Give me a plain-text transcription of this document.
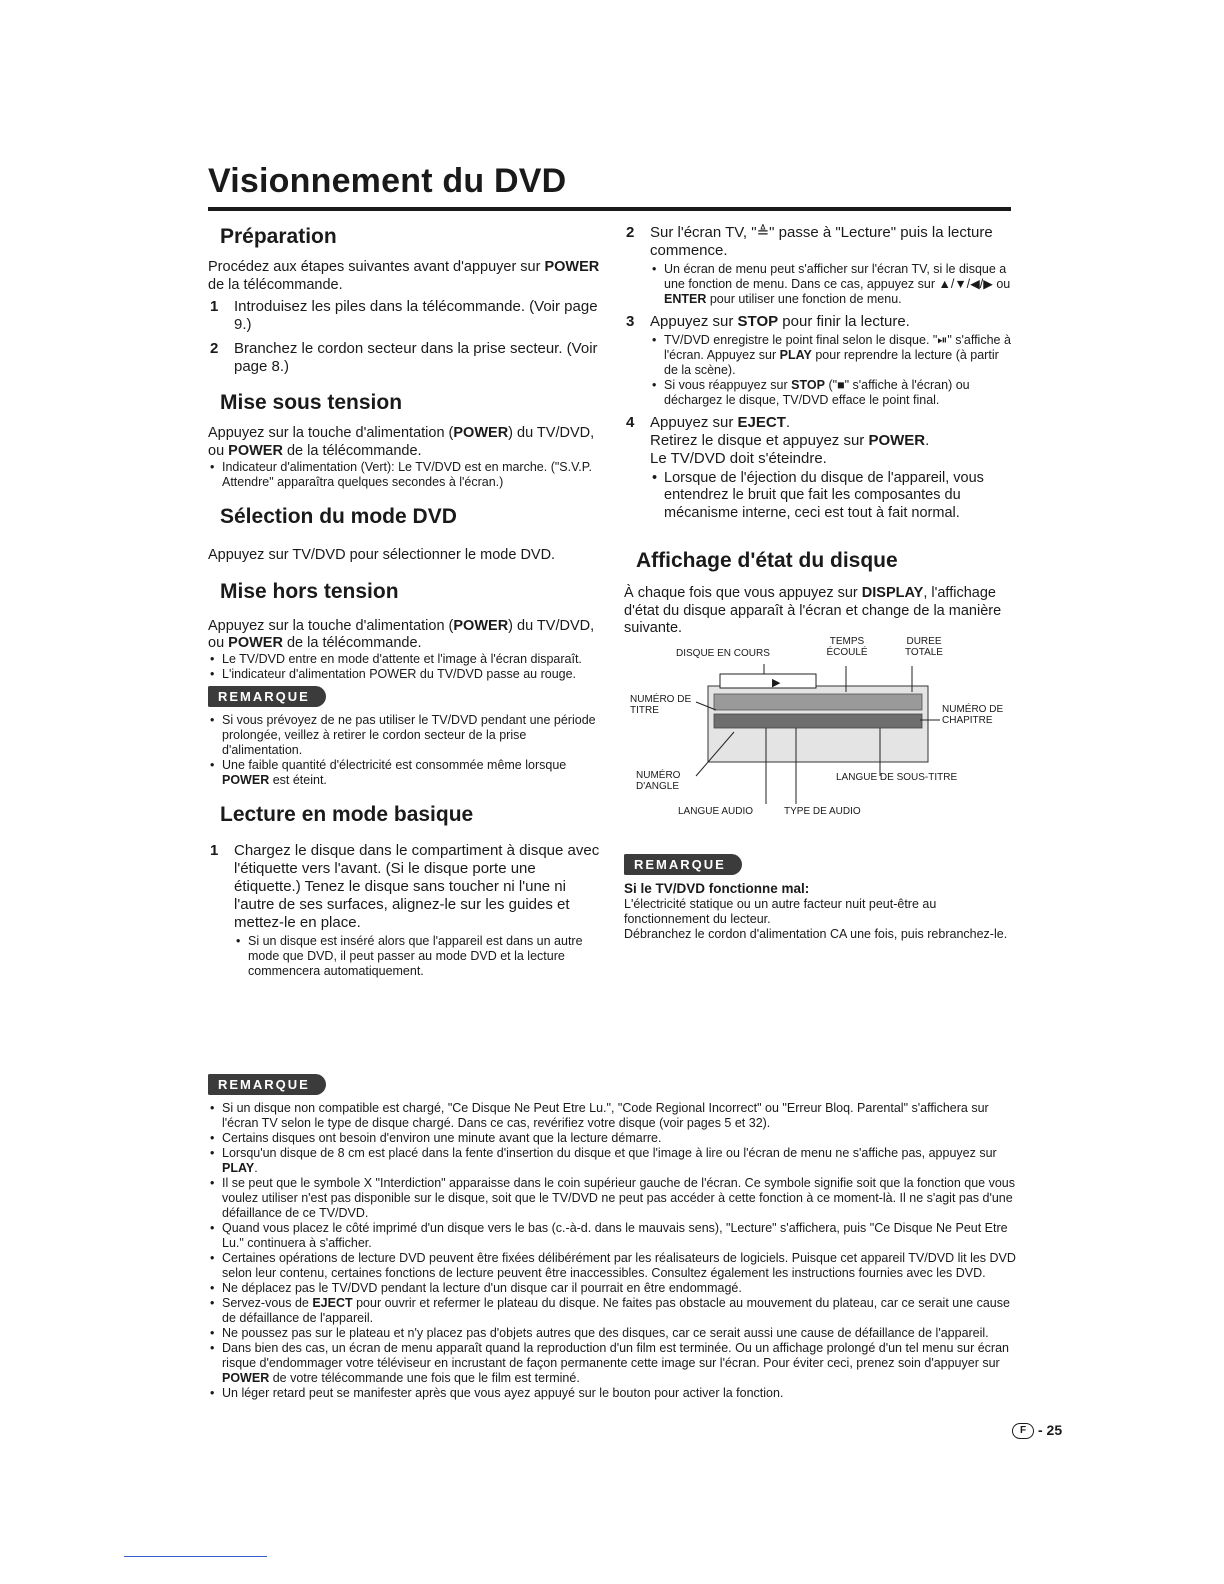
Visionnement du DVD
Préparation

Procédez aux étapes suivantes avant d'appuyer sur POWER de la télécommande.

1 Introduisez les piles dans la télécommande. (Voir page 9.)
2 Branchez le cordon secteur dans la prise secteur. (Voir page 8.)
Mise sous tension

Appuyez sur la touche d'alimentation (POWER) du TV/DVD, ou POWER de la télécommande.

• Indicateur d'alimentation (Vert): Le TV/DVD est en marche. ("S.V.P. Attendre" apparaîtra quelques secondes à l'écran.)
Sélection du mode DVD

Appuyez sur TV/DVD pour sélectionner le mode DVD.

Mise hors tension

Appuyez sur la touche d'alimentation (POWER) du TV/DVD, ou POWER de la télécommande.

• Le TV/DVD entre en mode d'attente et l'image à l'écran disparaît.
• L'indicateur d'alimentation POWER du TV/DVD passe au rouge.
REMARQUE
• Si vous prévoyez de ne pas utiliser le TV/DVD pendant une période prolongée, veillez à retirer le cordon secteur de la prise d'alimentation.
• Une faible quantité d'électricité est consommée même lorsque POWER est éteint.
Lecture en mode basique
1 Chargez le disque dans le compartiment à disque avec l'étiquette vers l'avant. (Si le disque porte une étiquette.) Tenez le disque sans toucher ni l'une ni l'autre de ses surfaces, alignez-le sur les guides et mettez-le en place.
• Si un disque est inséré alors que l'appareil est dans un autre mode que DVD, il peut passer au mode DVD et la lecture commencera automatiquement.
2 Sur l'écran TV, "≜" passe à "Lecture" puis la lecture commence.
• Un écran de menu peut s'afficher sur l'écran TV, si le disque a une fonction de menu. Dans ce cas, appuyez sur ▲/▼/◀/▶ ou ENTER pour utiliser une fonction de menu.
3 Appuyez sur STOP pour finir la lecture.
• TV/DVD enregistre le point final selon le disque. "⏯" s'affiche à l'écran. Appuyez sur PLAY pour reprendre la lecture (à partir de la scène).
• Si vous réappuyez sur STOP ("■" s'affiche à l'écran) ou déchargez le disque, TV/DVD efface le point final.
4 Appuyez sur EJECT.
Retirez le disque et appuyez sur POWER.
Le TV/DVD doit s'éteindre.
• Lorsque de l'éjection du disque de l'appareil, vous entendrez le bruit que fait les composantes du mécanisme interne, ceci est tout à fait normal.
Affichage d'état du disque

À chaque fois que vous appuyez sur DISPLAY, l'affichage d'état du disque apparaît à l'écran et change de la manière suivante.

▶
DISQUE EN COURS
TEMPS ÉCOULÉ
DUREE TOTALE
NUMÉRO DE TITRE	NUMÉRO DE CHAPITRE
NUMÉRO D'ANGLE
LANGUE DE SOUS-TITRE
LANGUE AUDIO	TYPE DE AUDIO
REMARQUE

Si le TV/DVD fonctionne mal:

L'électricité statique ou un autre facteur nuit peut-être au fonctionnement du lecteur.

Débranchez le cordon d'alimentation CA une fois, puis rebranchez-le.

REMARQUE
• Si un disque non compatible est chargé, "Ce Disque Ne Peut Etre Lu.", "Code Regional Incorrect" ou "Erreur Bloq. Parental" s'affichera sur l'écran TV selon le type de disque chargé. Dans ce cas, revérifiez votre disque (voir pages 5 et 32).
• Certains disques ont besoin d'environ une minute avant que la lecture démarre.
• Lorsqu'un disque de 8 cm est placé dans la fente d'insertion du disque et que l'image à lire ou l'écran de menu ne s'affiche pas, appuyez sur PLAY.
• Il se peut que le symbole X "Interdiction" apparaisse dans le coin supérieur gauche de l'écran. Ce symbole signifie soit que la fonction que vous voulez utiliser n'est pas disponible sur le disque, soit que le TV/DVD ne peut pas accéder à cette fonction à ce moment-là. Il ne s'agit pas d'une défaillance de ce TV/DVD.
• Quand vous placez le côté imprimé d'un disque vers le bas (c.-à-d. dans le mauvais sens), "Lecture" s'affichera, puis "Ce Disque Ne Peut Etre Lu." continuera à s'afficher.
• Certaines opérations de lecture DVD peuvent être fixées délibérément par les réalisateurs de logiciels. Puisque cet appareil TV/DVD lit les DVD selon leur contenu, certaines fonctions de lecture peuvent être inaccessibles. Consultez également les instructions fournies avec les DVD.
• Ne déplacez pas le TV/DVD pendant la lecture d'un disque car il pourrait en être endommagé.
• Servez-vous de EJECT pour ouvrir et refermer le plateau du disque. Ne faites pas obstacle au mouvement du plateau, car ce serait une cause de défaillance de l'appareil.
• Ne poussez pas sur le plateau et n'y placez pas d'objets autres que des disques, car ce serait aussi une cause de défaillance de l'appareil.
• Dans bien des cas, un écran de menu apparaît quand la reproduction d'un film est terminée. Ou un affichage prolongé d'un tel menu sur écran risque d'endommager votre téléviseur en incrustant de façon permanente cette image sur l'écran. Pour éviter ceci, prenez soin d'appuyer sur POWER de votre télécommande une fois que le film est terminé.
• Un léger retard peut se manifester après que vous ayez appuyé sur le bouton pour activer la fonction.
F - 25
